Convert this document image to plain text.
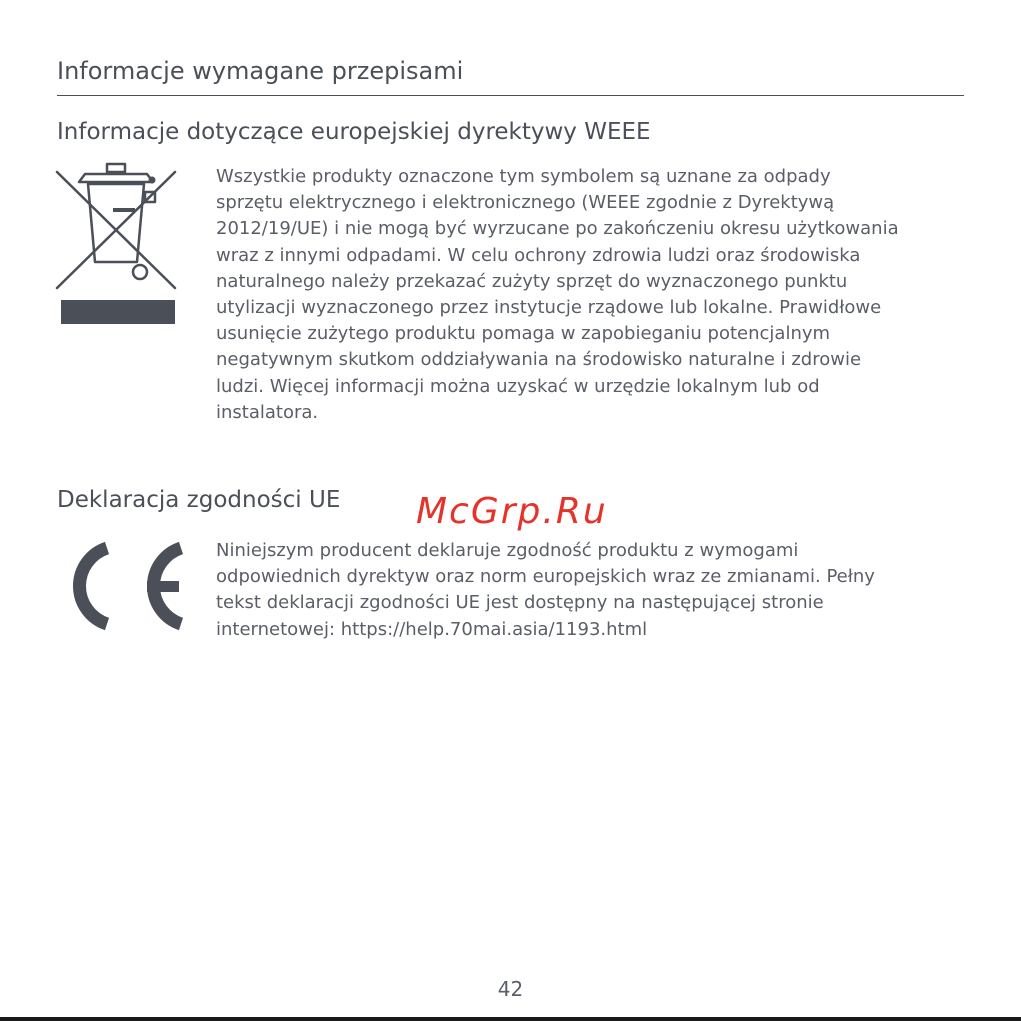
Informacje wymagane przepisami
Informacje dotyczące europejskiej dyrektywy WEEE
Wszystkie produkty oznaczone tym symbolem są uznane za odpady
sprzętu elektrycznego i elektronicznego (WEEE zgodnie z Dyrektywą
2012/19/UE) i nie mogą być wyrzucane po zakończeniu okresu użytkowania
wraz z innymi odpadami. W celu ochrony zdrowia ludzi oraz środowiska
naturalnego należy przekazać zużyty sprzęt do wyznaczonego punktu
utylizacji wyznaczonego przez instytucje rządowe lub lokalne. Prawidłowe
usunięcie zużytego produktu pomaga w zapobieganiu potencjalnym
negatywnym skutkom oddziaływania na środowisko naturalne i zdrowie
ludzi. Więcej informacji można uzyskać w urzędzie lokalnym lub od
instalatora.
Deklaracja zgodności UE McGrp.Ru
Niniejszym producent deklaruje zgodność produktu z wymogami
odpowiednich dyrektyw oraz norm europejskich wraz ze zmianami. Pełny
tekst deklaracji zgodności UE jest dostępny na następującej stronie
internetowej: https://help.70mai.asia/1193.html
42
